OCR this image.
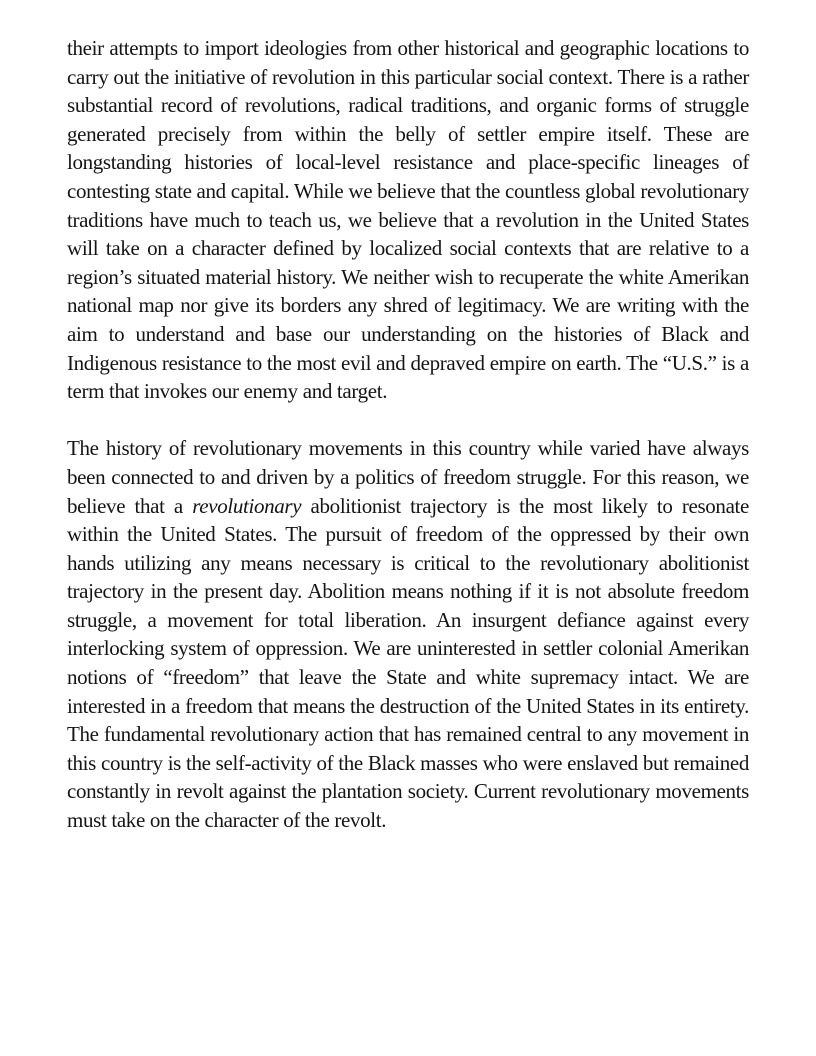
their attempts to import ideologies from other historical and geographic locations to carry out the initiative of revolution in this particular social context. There is a rather substantial record of revolutions, radical traditions, and organic forms of struggle generated precisely from within the belly of settler empire itself. These are longstanding histories of local-level resistance and place-specific lineages of contesting state and capital. While we believe that the countless global revolutionary traditions have much to teach us, we believe that a revolution in the United States will take on a character defined by localized social contexts that are relative to a region’s situated material history. We neither wish to recuperate the white Amerikan national map nor give its borders any shred of legitimacy. We are writing with the aim to understand and base our understanding on the histories of Black and Indigenous resistance to the most evil and depraved empire on earth. The “U.S.” is a term that invokes our enemy and target.

The history of revolutionary movements in this country while varied have always been connected to and driven by a politics of freedom struggle. For this reason, we believe that a revolutionary abolitionist trajectory is the most likely to resonate within the United States. The pursuit of freedom of the oppressed by their own hands utilizing any means necessary is critical to the revolutionary abolitionist trajectory in the present day. Abolition means nothing if it is not absolute freedom struggle, a movement for total liberation. An insurgent defiance against every interlocking system of oppression. We are uninterested in settler colonial Amerikan notions of “freedom” that leave the State and white supremacy intact. We are interested in a freedom that means the destruction of the United States in its entirety. The fundamental revolutionary action that has remained central to any movement in this country is the self-activity of the Black masses who were enslaved but remained constantly in revolt against the plantation society. Current revolutionary movements must take on the character of the revolt.
